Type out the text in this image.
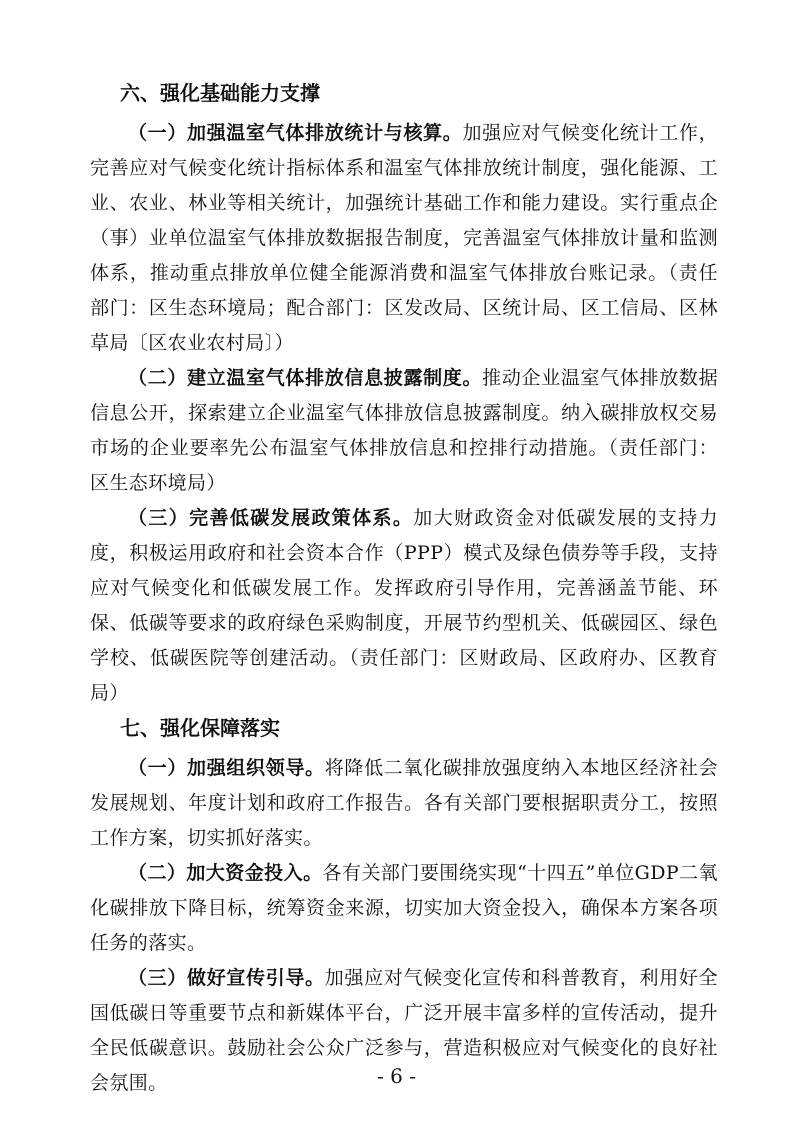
六、强化基础能力支撑

（一）加强温室气体排放统计与核算。加强应对气候变化统计工作，完善应对气候变化统计指标体系和温室气体排放统计制度，强化能源、工业、农业、林业等相关统计，加强统计基础工作和能力建设。实行重点企（事）业单位温室气体排放数据报告制度，完善温室气体排放计量和监测体系，推动重点排放单位健全能源消费和温室气体排放台账记录。（责任部门：区生态环境局；配合部门：区发改局、区统计局、区工信局、区林草局〔区农业农村局〕）

（二）建立温室气体排放信息披露制度。推动企业温室气体排放数据信息公开，探索建立企业温室气体排放信息披露制度。纳入碳排放权交易市场的企业要率先公布温室气体排放信息和控排行动措施。（责任部门：区生态环境局）

（三）完善低碳发展政策体系。加大财政资金对低碳发展的支持力度，积极运用政府和社会资本合作（PPP）模式及绿色债券等手段，支持应对气候变化和低碳发展工作。发挥政府引导作用，完善涵盖节能、环保、低碳等要求的政府绿色采购制度，开展节约型机关、低碳园区、绿色学校、低碳医院等创建活动。（责任部门：区财政局、区政府办、区教育局）

七、强化保障落实

（一）加强组织领导。将降低二氧化碳排放强度纳入本地区经济社会发展规划、年度计划和政府工作报告。各有关部门要根据职责分工，按照工作方案，切实抓好落实。

（二）加大资金投入。各有关部门要围绕实现“十四五”单位GDP二氧化碳排放下降目标，统筹资金来源，切实加大资金投入，确保本方案各项任务的落实。

（三）做好宣传引导。加强应对气候变化宣传和科普教育，利用好全国低碳日等重要节点和新媒体平台，广泛开展丰富多样的宣传活动，提升全民低碳意识。鼓励社会公众广泛参与，营造积极应对气候变化的良好社会氛围。	- 6 -
